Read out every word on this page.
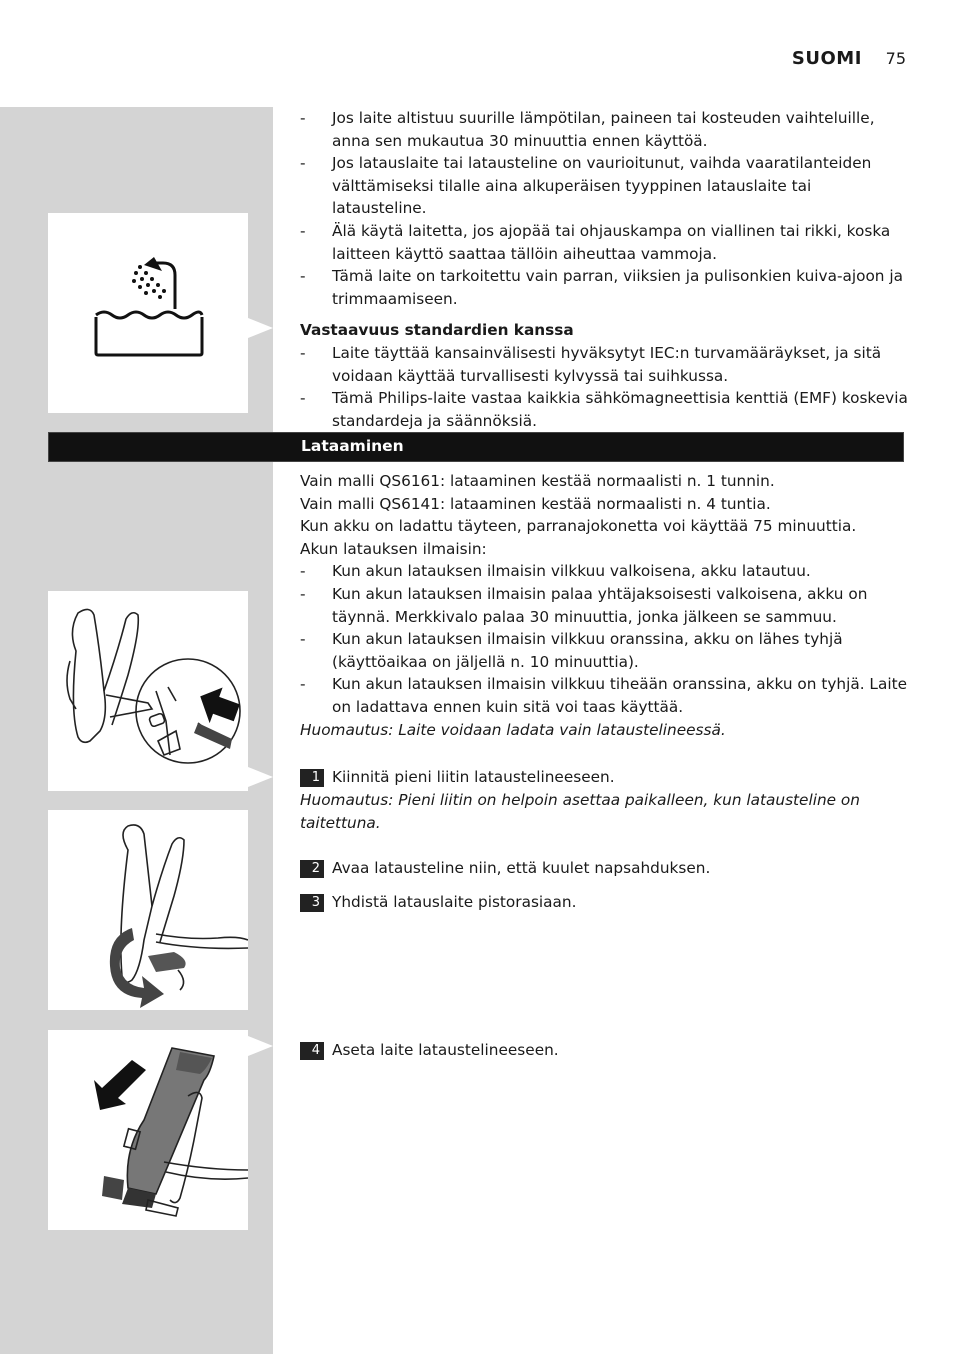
SUOMI 75
- Jos laite altistuu suurille lämpötilan, paineen tai kosteuden vaihteluille, anna sen mukautua 30 minuuttia ennen käyttöä.
- Jos latauslaite tai latausteline on vaurioitunut, vaihda vaaratilanteiden välttämiseksi tilalle aina alkuperäisen tyyppinen latauslaite tai latausteline.
- Älä käytä laitetta, jos ajopää tai ohjauskampa on viallinen tai rikki, koska laitteen käyttö saattaa tällöin aiheuttaa vammoja.
- Tämä laite on tarkoitettu vain parran, viiksien ja pulisonkien kuiva-ajoon ja trimmaamiseen.

Vastaavuus standardien kanssa

- Laite täyttää kansainvälisesti hyväksytyt IEC:n turvamääräykset, ja sitä voidaan käyttää turvallisesti kylvyssä tai suihkussa.
- Tämä Philips-laite vastaa kaikkia sähkömagneettisia kenttiä (EMF) koskevia standardeja ja säännöksiä.
Lataaminen

Vain malli QS6161: lataaminen kestää normaalisti n. 1 tunnin.

Vain malli QS6141: lataaminen kestää normaalisti n. 4 tuntia.

Kun akku on ladattu täyteen, parranajokonetta voi käyttää 75 minuuttia.

Akun latauksen ilmaisin:

- Kun akun latauksen ilmaisin vilkkuu valkoisena, akku latautuu.
- Kun akun latauksen ilmaisin palaa yhtäjaksoisesti valkoisena, akku on täynnä. Merkkivalo palaa 30 minuuttia, jonka jälkeen se sammuu.
- Kun akun latauksen ilmaisin vilkkuu oranssina, akku on lähes tyhjä (käyttöaikaa on jäljellä n. 10 minuuttia).
- Kun akun latauksen ilmaisin vilkkuu tiheään oranssina, akku on tyhjä. Laite on ladattava ennen kuin sitä voi taas käyttää.

Huomautus: Laite voidaan ladata vain lataustelineessä.

1 Kiinnitä pieni liitin lataustelineeseen.

Huomautus: Pieni liitin on helpoin asettaa paikalleen, kun latausteline on taitettuna.

2 Avaa latausteline niin, että kuulet napsahduksen.
3 Yhdistä latauslaite pistorasiaan.
4 Aseta laite lataustelineeseen.
